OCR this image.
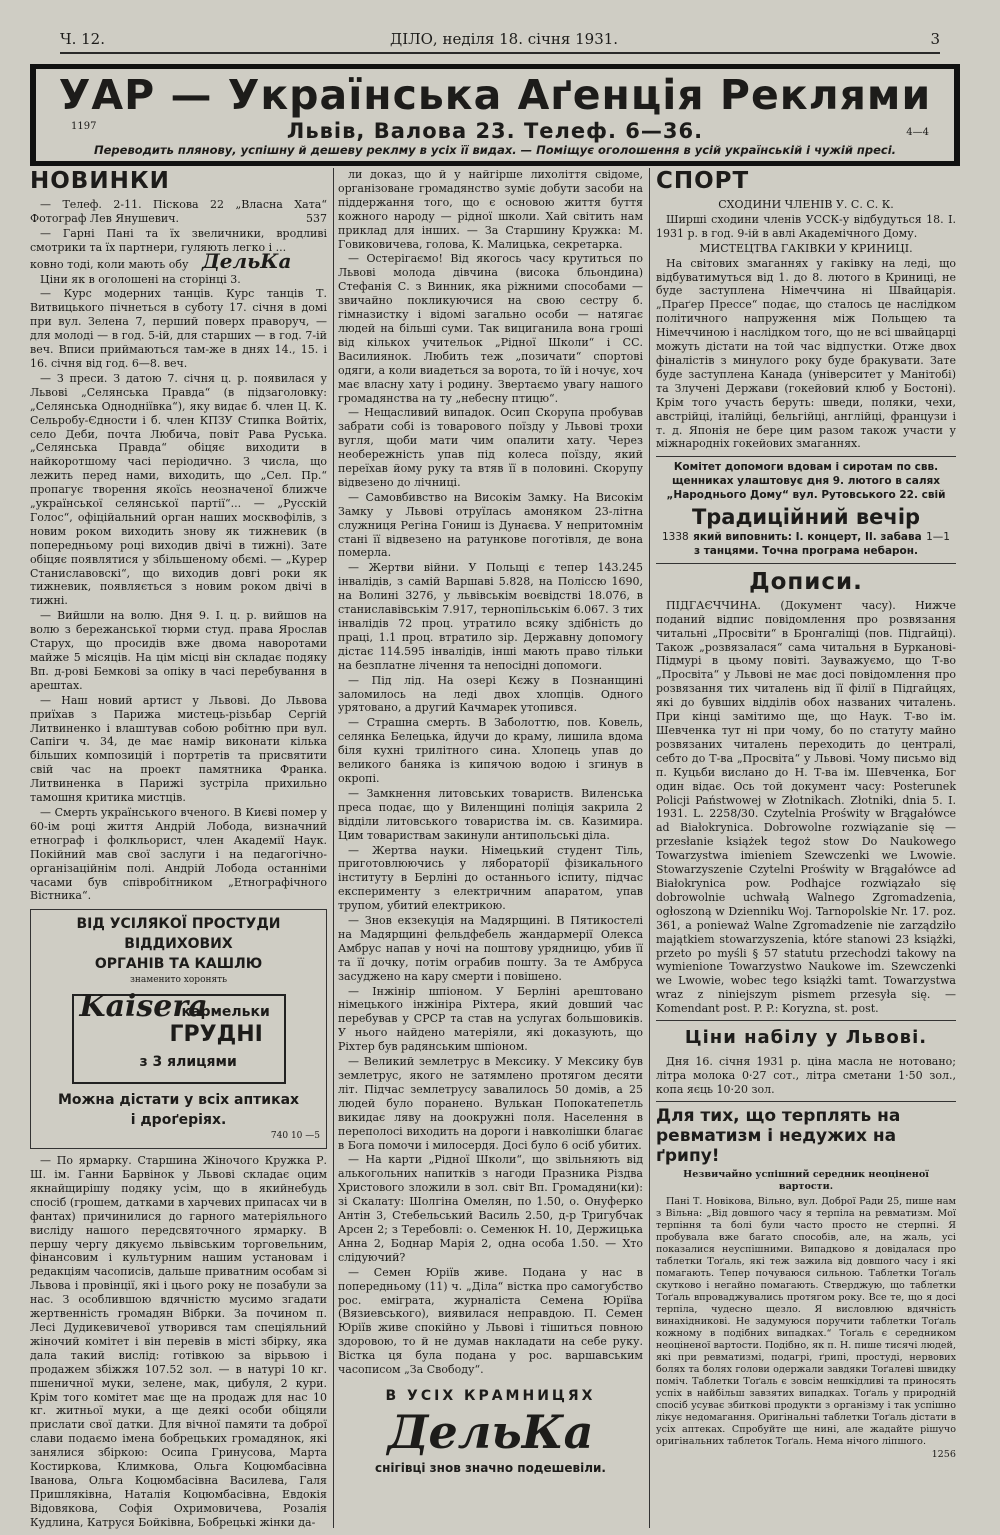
Ч. 12.	ДІЛО, неділя 18. січня 1931.	3
УАР — Українська Аґенція Реклями
1197	Львів, Валова 23. Телеф. 6—36.	4—4
Переводить плянову, успішну й дешеву реклму в усіх її видах. — Поміщує оголошення в усій українській і чужій пресі.
НОВИНКИ

— Телеф. 2-11. Піскова 22 „Власна Хата“ Фотограф Лев Янушевич.	537

— Гарні Пані та їх звеличники, вродливі смотрики та їх партнери, гуляють легко і ...
ковно тоді, коли мають обу ДельКа

Ціни як в оголошені на сторінці 3.

— Курс модерних танців. Курс танців Т. Витвицького пічнеться в суботу 17. січня в домі при вул. Зелена 7, перший поверх праворуч, — для молоді — в год. 5-ій, для старших — в год. 7-ій веч. Вписи приймаються там-же в днях 14., 15. і 16. січня від год. 6—8. веч.

— З преси. З датою 7. січня ц. р. появилася у Львові „Селянська Правда“ (в підзаголовку: „Селянська Однодніївка“), яку видає б. член Ц. К. Сельробу-Єдности і б. член КПЗУ Стипка Войтіх, село Деби, почта Любича, повіт Рава Руська. „Селянська Правда“ обіцяє виходити в найкоротшому часі періодично. З числа, що лежить перед нами, виходить, що „Сел. Пр.“ пропагує творення якоїсь неозначеної ближче „української селянської партії“... — „Русскій Голос“, офіційальний орган наших москвофілів, з новим роком виходить знову як тижневик (в попередньому році виходив двічі в тижні). Зате обіцяє появлятися у збільшеному обємі. — „Курер Станиславовскі“, що виходив довгі роки як тижневик, появляється з новим роком двічі в тижні.

— Вийшли на волю. Дня 9. І. ц. р. вийшов на волю з бережанської тюрми студ. права Ярослав Старух, що просидів вже двома наворотами майже 5 місяців. На цім місці він складає подяку Вп. д-рові Бемкові за опіку в часі перебування в арештах.

— Наш новий артист у Львові. До Львова приїхав з Парижа мистець-різьбар Сергій Литвиненко і влаштував собою робітню при вул. Сапіги ч. 34, де має намір виконати кілька більших композицій і портретів та присвятити свій час на проект памятника Франка. Литвиненка в Парижі зустріла прихильно тамошня критика мистців.

— Смерть українського вченого. В Києві помер у 60-ім році життя Андрій Лобода, визначний етнограф і фолкльорист, член Академії Наук. Покійний мав свої заслуги і на педагогічно-організаційнім полі. Андрій Лобода останніми часами був співробітником „Етнографічного Вістника“.

ВІД УСІЛЯКОЇ ПРОСТУДИ ВІДДИХОВИХ
ОРГАНІВ ТА КАШЛЮ
знаменито хоронять
Kaisera
кармельки
ГРУДНІ
з 3 ялицями
Можна дістати у всіх аптиках
і дроґеріях.
740 10 —5

— По ярмарку. Старшина Жіночого Кружка Р. Ш. ім. Ганни Барвінок у Львові складає оцим якнайщирішу подяку усім, що в якийнебудь спосіб (грошем, датками в харчевих припасах чи в фантах) причинилися до гарного матеріяльного висліду нашого передсвяточного ярмарку. В першу чергу дякуємо львівським торговельним, фінансовим і культурним нашим установам і редакціям часописів, дальше приватним особам зі Львова і провінції, які і цього року не позабули за нас. З особлившою вдячністю мусимо згадати жертвенність громадян Вібрки. За почином п. Лесі Дудикевичевої утворився там спеціяльний жіночий комітет і він перевів в місті збірку, яка дала такий вислід: готівкою за вірьвою і продажем збіжжя 107.52 зол. — в натурі 10 кг. пшеничної муки, зелене, мак, цибуля, 2 кури. Крім того комітет має ще на продаж для нас 10 кг. житньої муки, а ще деякі особи обіцяли прислати свої датки. Для вічної памяти та доброї слави подаємо імена бобрецьких громадянок, які занялися збіркою: Осипа Гринусова, Марта Костиркова, Климкова, Ольга Коцюмбасівна Іванова, Ольга Коцюмбасівна Василева, Галя Пришляківна, Наталія Коцюмбасівна, Евдокія Відовякова, Софія Охримовичева, Розалія Кудлина, Катруся Бойківна, Бобрецькі жінки да-

ли доказ, що й у найгірше лихоліття свідоме, організоване громадянство зуміє добути засоби на піддержання того, що є основою життя буття кожного народу — рідної школи. Хай світить нам приклад для інших. — За Старшину Кружка: М. Говиковичева, голова, К. Малицька, секретарка.

— Остерігаємо! Від якогось часу крутиться по Львові молода дівчина (висока бльондина) Стефанія С. з Винник, яка ріжними способами — звичайно покликуючися на свою сестру б. гімназистку і відомі загально особи — натягає людей на більші суми. Так вициганила вона гроші від кількох учительок „Рідної Школи“ і СС. Василиянок. Любить теж „позичати“ спортові одяги, а коли виадеться за ворота, то їй і ночує, хоч має власну хату і родину. Звертаємо увагу нашого громадянства на ту „небесну птицю“.

— Нещасливий випадок. Осип Скорупа пробував забрати собі із товарового поїзду у Львові трохи вугля, щоби мати чим опалити хату. Через необережність упав під колеса поїзду, який переїхав йому руку та втяв її в половині. Скорупу відвезено до лічниці.

— Самовбивство на Високім Замку. На Високім Замку у Львові отруїлась амоняком 23-літна служниця Регіна Гониш із Дунаєва. У непритомнім стані її відвезено на ратункове поготівля, де вона померла.

— Жертви війни. У Польщі є тепер 143.245 інвалідів, з самій Варшаві 5.828, на Поліссю 1690, на Волині 3276, у львівськім воєвідстві 18.076, в станиславівськім 7.917, тернопільськім 6.067. З тих інвалідів 72 проц. утратило всяку здібність до праці, 1.1 проц. втратило зір. Державну допомогу дістає 114.595 інвалідів, інші мають право тільки на безплатне лічення та непосідні допомоги.

— Під лід. На озері Кєжу в Познанщині заломилось на леді двох хлопців. Одного урятовано, а другий Качмарек утопився.

— Страшна смерть. В Заболоттю, пов. Ковель, селянка Белецька, йдучи до краму, лишила вдома біля кухні трилітного сина. Хлопець упав до великого баняка із кипячою водою і згинув в окропі.

— Замкнення литовських товариств. Виленська преса подає, що у Виленщині поліція закрила 2 відділи литовського товариства ім. св. Казимира. Цим товариствам закинули антипольські діла.

— Жертва науки. Німецький студент Тіль, приготовлюючись у лябораторії фізикального інституту в Берліні до останнього іспиту, підчас експерименту з електричним апаратом, упав трупом, убитий електрикою.

— Знов екзекуція на Мадярщині. В Пятикостелі на Мадярщині фельдфебель жандармерії Олекса Амбрус напав у ночі на поштову урядницю, убив її та її дочку, потім ограбив пошту. За те Амбруса засуджено на кару смерти і повішено.

— Інжінір шпіоном. У Берліні арештовано німецького інжініра Ріхтера, який довший час перебував у СРСР та став на услугах большовиків. У нього найдено матеріяли, які доказують, що Ріхтер був радянським шпіоном.

— Великий землетрус в Мексику. У Мексику був землетрус, якого не затямлено протягом десяти літ. Підчас землетрусу завалилось 50 домів, а 25 людей було поранено. Вулькан Попокатепетль викидає ляву на доокружні поля. Населення в переполосі виходить на дороги і навколішки благає в Бога помочи і милосердя. Досі було 6 осіб убитих.

— На карти „Рідної Школи“, що звільняють від алькогольних напитків з нагоди Празника Різдва Христового зложили в зол. світ Вп. Громадяни(ки): зі Скалату: Шолгіна Омелян, по 1.50, о. Онуферко Антін 3, Стебельський Василь 2.50, д-р Тригубчак Арсен 2; з Теребовлі: о. Семенюк Н. 10, Держицька Анна 2, Боднар Марія 2, одна особа 1.50. — Хто слідуючий?

— Семен Юріїв живе. Подана у нас в попередньому (11) ч. „Діла“ вістка про самогубство рос. еміграта, журналіста Семена Юріїва (Вязиевського), виявилася неправдою. П. Семен Юріїв живе спокійно у Львові і тішиться повною здоровою, то й не думав накладати на себе руку. Вістка ця була подана у рос. варшавським часописом „За Свободу“.

В УСІХ КРАМНИЦЯХ
ДельКа
снігівці знов значно подешевіли.
СПОРТ

СХОДИНИ ЧЛЕНІВ У. С. С. К.

Ширші сходини членів УССК-у відбудуться 18. І. 1931 р. в год. 9-ій в авлі Академічного Дому.

МИСТЕЦТВА ГАКІВКИ У КРИНИЦІ.

На світових змаганнях у гаківку на леді, що відбуватимуться від 1. до 8. лютого в Криниці, не буде заступлена Німеччина ні Швайцарія. „Праґер Прессе“ подає, що сталось це наслідком політичного напруження між Польщею та Німеччиною і наслідком того, що не всі швайцарці можуть дістати на той час відпустки. Отже двох фіналістів з минулого року буде бракувати. Зате буде заступлена Канада (університет у Манітобі) та Злучені Держави (гокейовий клюб у Бостоні). Крім того участь беруть: шведи, поляки, чехи, австрійці, італійці, бельгійці, англійці, французи і т. д. Японія не бере цим разом також участи у міжнародніх гокейових змаганнях.

Комітет допомоги вдовам і сиротам по свв. щенниках улаштовує дня 9. лютого в салях „Народнього Дому“ вул. Рутовського 22. свій
Традиційний вечір
1338	1—1
який виповнить: І. концерт, ІІ. забава з танцями. Точна програма небарон.
Дописи.

ПІДГАЄЧЧИНА. (Документ часу). Нижче поданий відпис повідомлення про розвязання читальні „Просвіти“ в Бронгаліщі (пов. Підгайці). Також „розвязалася“ сама читальня в Бурканові-Підмурі в цьому повіті. Зауважуємо, що Т-во „Просвіта“ у Львові не має досі повідомлення про розвязання тих читалень від її філії в Підгайцях, які до бувших відділів обох названих читалень. При кінці замітимо ще, що Наук. Т-во ім. Шевченка тут ні при чому, бо по статуту майно розвязаних читалень переходить до централі, себто до Т-ва „Просвіта“ у Львові. Чому письмо від п. Куцьби вислано до Н. Т-ва ім. Шевченка, Бог один відає. Ось той документ часу: Posterunek Policji Państwowej w Złotnikach. Złotniki, dnia 5. I. 1931. L. 2258/30. Czytelnia Proświty w Brągałówce ad Białokrynica. Dobrowolne rozwiązanie się — przesłanie książek tegoż stow Do Naukowego Towarzystwa imieniem Szewczenki we Lwowie. Stowarzyszenie Czytelni Proświty w Brągałówce ad Białokrynica pow. Podhajce rozwiązało się dobrowolnie uchwałą Walnego Zgromadzenia, ogłoszoną w Dzienniku Woj. Tarnopolskie Nr. 17. poz. 361, a ponieważ Walne Zgromadzenie nie zarządziło majątkiem stowarzyszenia, które stanowi 23 książki, przeto po myśli § 57 statutu przechodzi takowy na wymienione Towarzystwo Naukowe im. Szewczenki we Lwowie, wobec tego książki tamt. Towarzystwa wraz z niniejszym pismem przesyła się. — Komendant post. P. P.: Koryzna, st. post.

Ціни набілу у Львові.

Дня 16. січня 1931 р. ціна масла не нотовано; літра молока 0·27 сот., літра сметани 1·50 зол., копа яєць 10·20 зол.

Для тих, що терплять на ревматизм і недужих на ґрипу!
Незвичайно успішний середник неоціненої вартости.

Пані Т. Новікова, Вільно, вул. Доброї Ради 25, пише нам з Вільна: „Від довшого часу я терпіла на ревматизм. Мої терпіння та болі були часто просто не стерпні. Я пробувала вже багато способів, але, на жаль, усі показалися неуспішними. Випадково я довідалася про таблетки Тоґаль, які теж зажила від довшого часу і які помагають. Тепер почуваюся сильною. Таблетки Тоґаль скутково і негайно помагають. Стверджую, що таблетки Тоґаль впроваджувались протягом року. Все те, що я досі терпіла, чудесно щезло. Я висловлюю вдячність винахідникові. Не задумуюся поручити таблетки Тоґаль кожному в подібних випадках.“ Тоґаль є середником неоціненої вартости. Подібно, як п. Н. пише тисячі людей, які при ревматизмі, подагрі, ґрипі, простуді, нервових болях та болях голови одержали завдяки Тоґалеві швидку поміч. Таблетки Тоґаль є зовсім нешкідливі та приносять успіх в найбільш завзятих випадках. Тоґаль у природній спосіб усуває збиткові продукти з організму і так успішно лікує недомагання. Оригінальні таблетки Тоґаль дістати в усіх аптеках. Спробуйте ще нині, але жадайте рішучо оригінальних таблеток Тоґаль. Нема нічого ліпшого.

1256
